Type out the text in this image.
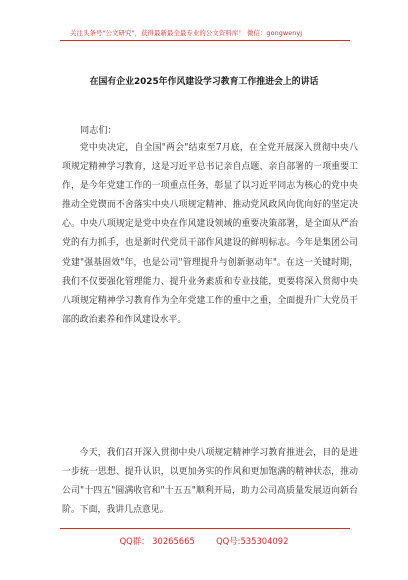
关注头条号"公文研究"，获得最新最全最专业的公文资料库！ 微信：gongwenyj
在国有企业2025年作风建设学习教育工作推进会上的讲话
同志们：

党中央决定，自全国"两会"结束至7月底，在全党开展深入贯彻中央八项规定精神学习教育，这是习近平总书记亲自点题、亲自部署的一项重要工作，是今年党建工作的一项重点任务，彰显了以习近平同志为核心的党中央推动全党锲而不舍落实中央八项规定精神、推动党风政风向优向好的坚定决心。中央八项规定是党中央在作风建设领域的重要决策部署，是全面从严治党的有力抓手，也是新时代党员干部作风建设的鲜明标志。今年是集团公司党建"强基固效"年，也是公司"管理提升与创新驱动年"。在这一关键时期，我们不仅要强化管理能力、提升业务素质和专业技能，更要将深入贯彻中央八项规定精神学习教育作为全年党建工作的重中之重，全面提升广大党员干部的政治素养和作风建设水平。

今天，我们召开深入贯彻中央八项规定精神学习教育推进会，目的是进一步统一思想、提升认识，以更加务实的作风和更加饱满的精神状态，推动公司"十四五"圆满收官和"十五五"顺利开局，助力公司高质量发展迈向新台阶。下面，我讲几点意见。

QQ群： 30265665        QQ号:535304092
